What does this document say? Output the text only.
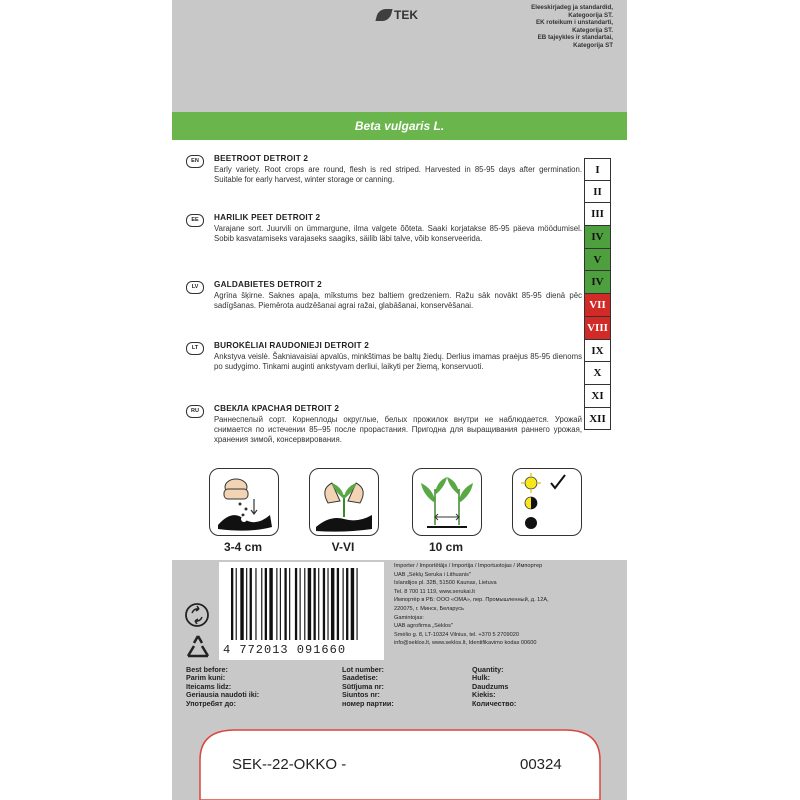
TEK
Eleeskirjadeg ja standardid,
Kategoorija ST.
EK roteikum i unstandarti,
Kategorija ST.
EB tajeykles ir standartai,
Kategorija ST
Beta vulgaris L.
EN	BEETROOT DETROIT 2
Early variety. Root crops are round, flesh is red striped. Harvested in 85-95 days after germination. Suitable for early harvest, winter storage or canning.
EE	HARILIK PEET DETROIT 2
Varajane sort. Juurvili on ümmargune, ilma valgete õõteta. Saaki korjatakse 85-95 päeva möödumisel. Sobib kasvatamiseks varajaseks saagiks, säilib läbi talve, võib konserveerida.
LV	GALDABIETES DETROIT 2
Agrīna šķirne. Saknes apaļa, mīkstums bez baltiem gredzeniem. Ražu sāk novākt 85-95 dienā pēc sadīgšanas. Piemērota audzēšanai agrai ražai, glabāšanai, konservēšanai.
LT	BUROKĖLIAI RAUDONIEJI DETROIT 2
Ankstyva veislė. Šakniavaisiai apvalūs, minkštimas be baltų žiedų. Derlius imamas praėjus 85-95 dienoms po sudygimo. Tinkami auginti ankstyvam derliui, laikyti per žiemą, konservuoti.
RU	СВЕКЛА КРАСНАЯ DETROIT 2
Раннеспелый сорт. Корнеплоды округлые, белых прожилок внутри не наблюдается. Урожай снимается по истечении 85–95 после прорастания. Пригодна для выращивания раннего урожая, хранения зимой, консервирования.
I
II
III
IV
V
IV
VII
VIII
IX
X
XI
XII
3-4 cm	V-VI	10 cm
4 772013 091660
Importer / Importētājs / Importija / Importuotojas / Импортер
UAB „Sėklų Seruka i Lithuanis"
Islandijos pl. 32B, 51500 Kaunas, Lietuva
Tel. 8 700 11 119, www.serukai.lt
Импортёр в РБ: ООО «ОМА», пер. Промышленный, д. 12А,
220075, г. Минск, Беларусь
Gamintojas:
UAB agrofirma „Sėklos"
Smėlio g. 8, LT-10324 Vilnius, tel. +370 5 2709020
info@seklos.lt, www.seklos.lt, Identifikavimo kodas 00600
Best before:
Parim kuni:
Iteicams lidz:
Geriausia naudoti iki:
Употребят до:
Lot number:
Saadetise:
Sūtījuma nr:
Siuntos nr:
номер партии:
Quantity:
Hulk:
Daudzums
Kiekis:
Количество:
SEK--22-OKKO -	00324
